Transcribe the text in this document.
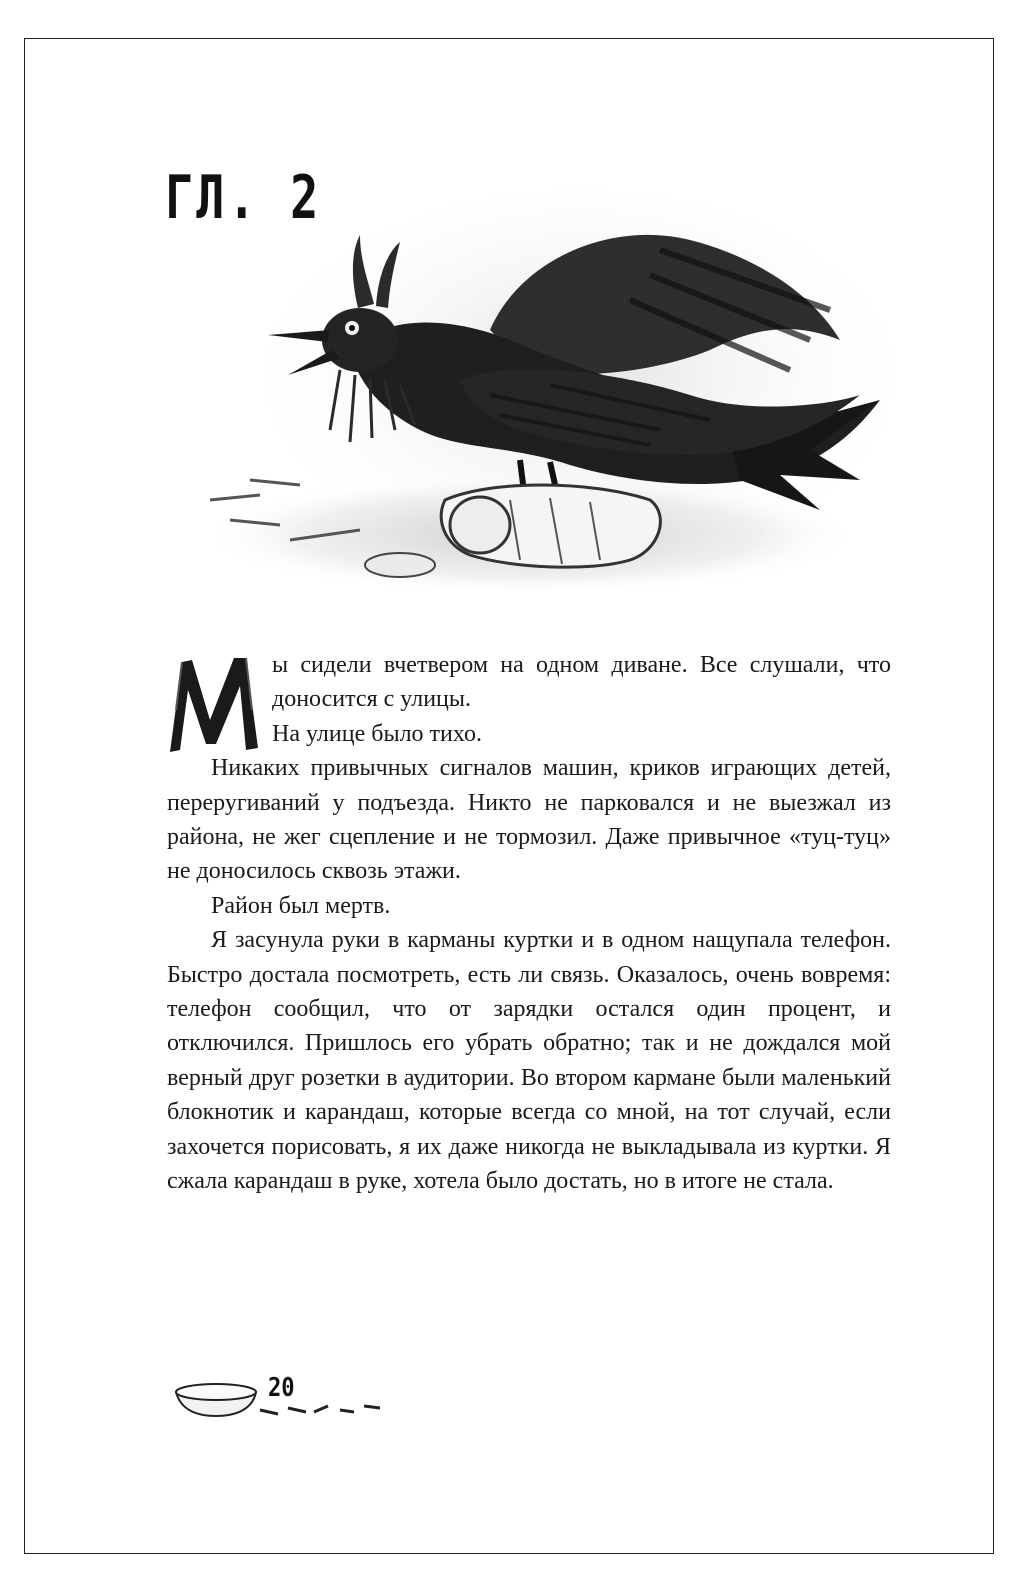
ГЛ. 2
М

ы сидели вчетвером на одном диване. Все слушали, что доносится с улицы.

На улице было тихо.

Никаких привычных сигналов машин, криков играющих детей, переругиваний у подъезда. Никто не парковался и не выезжал из района, не жег сцепление и не тормозил. Даже привычное «туц-туц» не доносилось сквозь этажи.

Район был мертв.

Я засунула руки в карманы куртки и в одном нащупала телефон. Быстро достала посмотреть, есть ли связь. Оказалось, очень вовремя: телефон сообщил, что от зарядки остался один процент, и отключился. Пришлось его убрать обратно; так и не дождался мой верный друг розетки в аудитории. Во втором кармане были маленький блокнотик и карандаш, которые всегда со мной, на тот случай, если захочется порисовать, я их даже никогда не выкладывала из куртки. Я сжала карандаш в руке, хотела было достать, но в итоге не стала.

20
